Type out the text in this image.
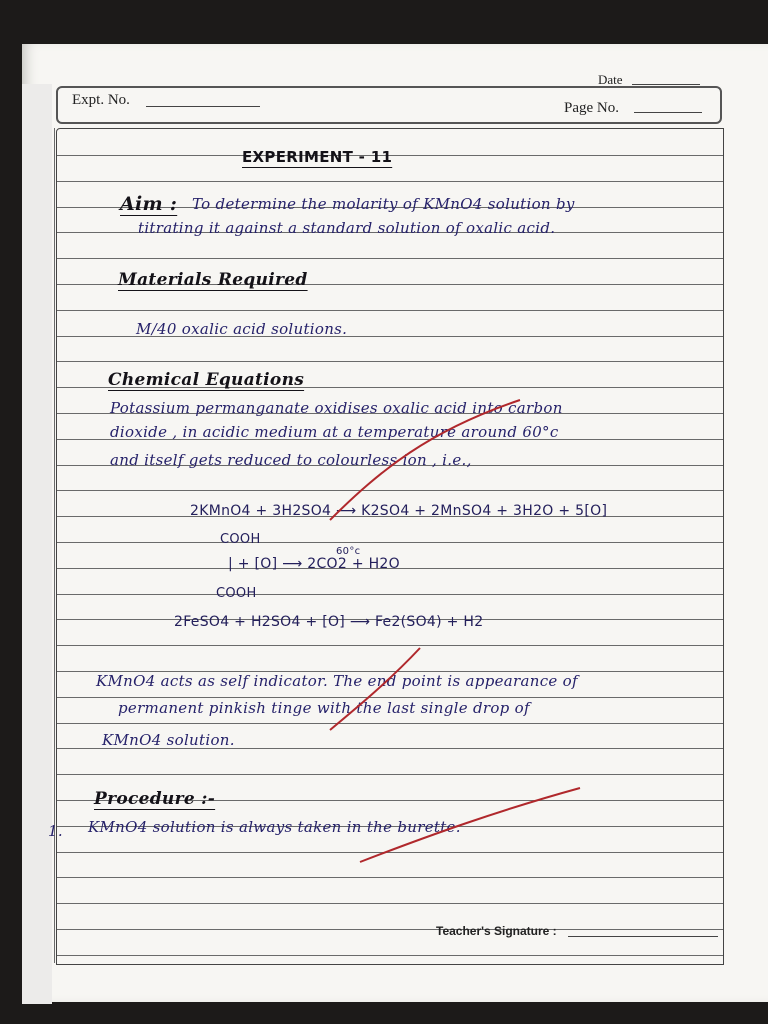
Date
Expt. No.	Page No.
EXPERIMENT - 11
Aim : To determine the molarity of KMnO4 solution by
titrating it against a standard solution of oxalic acid.
Materials Required
M/40 oxalic acid solutions.
Chemical Equations
Potassium permanganate oxidises oxalic acid into carbon
dioxide , in acidic medium at a temperature around 60°c
and itself gets reduced to colourless ion , i.e.,
2KMnO4 + 3H2SO4 ⟶ K2SO4 + 2MnSO4 + 3H2O + 5[O]
COOH
60°c
| + [O] ⟶ 2CO2 + H2O
COOH
2FeSO4 + H2SO4 + [O] ⟶ Fe2(SO4) + H2
KMnO4 acts as self indicator. The end point is appearance of
permanent pinkish tinge with the last single drop of
KMnO4 solution.
Procedure :-
1. KMnO4 solution is always taken in the burette.
Teacher's Signature :
